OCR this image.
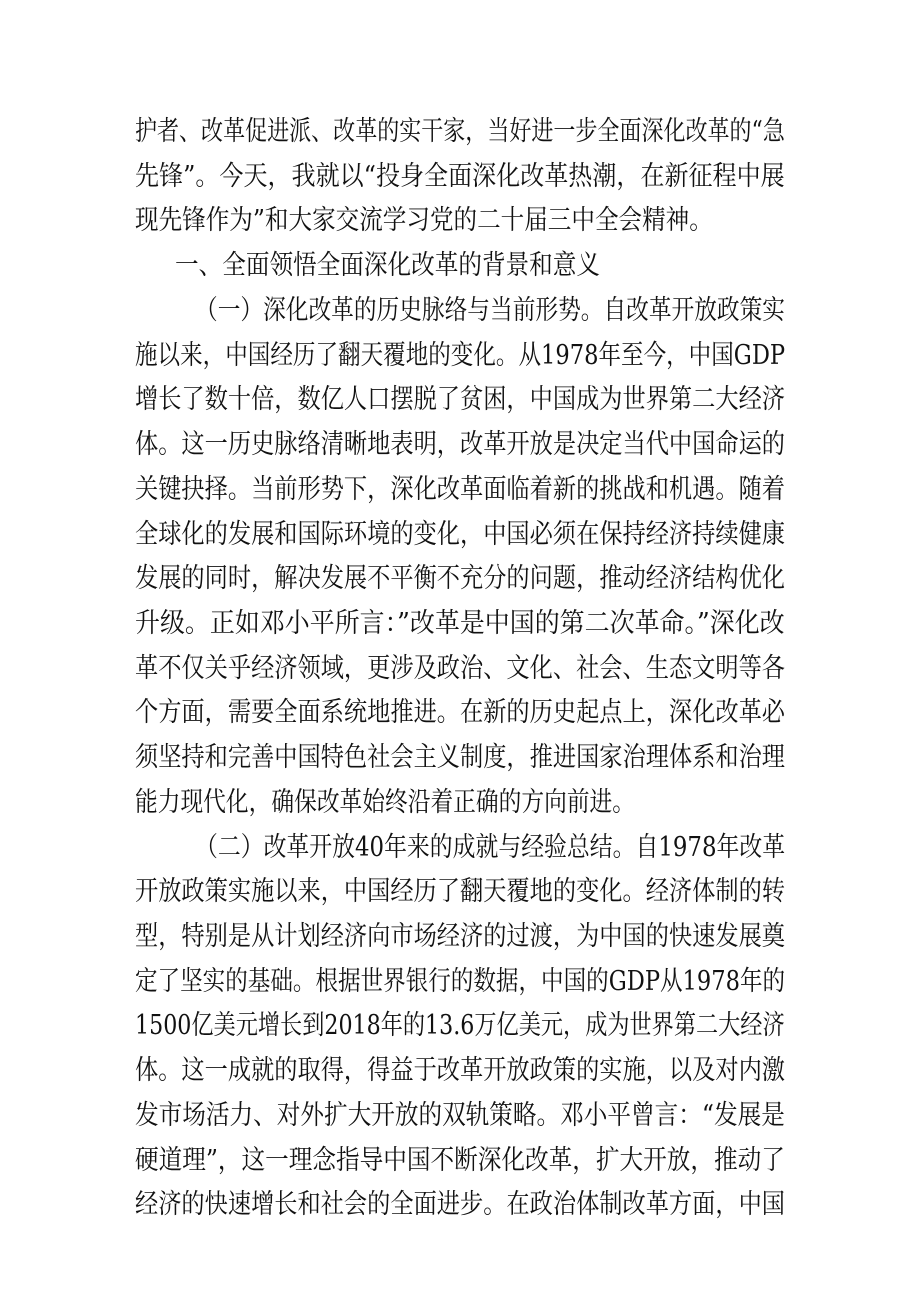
护者、改革促进派、改革的实干家，当好进一步全面深化改革的“急
先锋”。今天，我就以“投身全面深化改革热潮，在新征程中展
现先锋作为”和大家交流学习党的二十届三中全会精神。
一、全面领悟全面深化改革的背景和意义
（一）深化改革的历史脉络与当前形势。自改革开放政策实
施以来，中国经历了翻天覆地的变化。从1978年至今，中国GDP
增长了数十倍，数亿人口摆脱了贫困，中国成为世界第二大经济
体。这一历史脉络清晰地表明，改革开放是决定当代中国命运的
关键抉择。当前形势下，深化改革面临着新的挑战和机遇。随着
全球化的发展和国际环境的变化，中国必须在保持经济持续健康
发展的同时，解决发展不平衡不充分的问题，推动经济结构优化
升级。正如邓小平所言：”改革是中国的第二次革命。”深化改
革不仅关乎经济领域，更涉及政治、文化、社会、生态文明等各
个方面，需要全面系统地推进。在新的历史起点上，深化改革必
须坚持和完善中国特色社会主义制度，推进国家治理体系和治理
能力现代化，确保改革始终沿着正确的方向前进。
（二）改革开放40年来的成就与经验总结。自1978年改革
开放政策实施以来，中国经历了翻天覆地的变化。经济体制的转
型，特别是从计划经济向市场经济的过渡，为中国的快速发展奠
定了坚实的基础。根据世界银行的数据，中国的GDP从1978年的
1500亿美元增长到2018年的13.6万亿美元，成为世界第二大经济
体。这一成就的取得，得益于改革开放政策的实施，以及对内激
发市场活力、对外扩大开放的双轨策略。邓小平曾言：“发展是
硬道理”，这一理念指导中国不断深化改革，扩大开放，推动了
经济的快速增长和社会的全面进步。在政治体制改革方面，中国
